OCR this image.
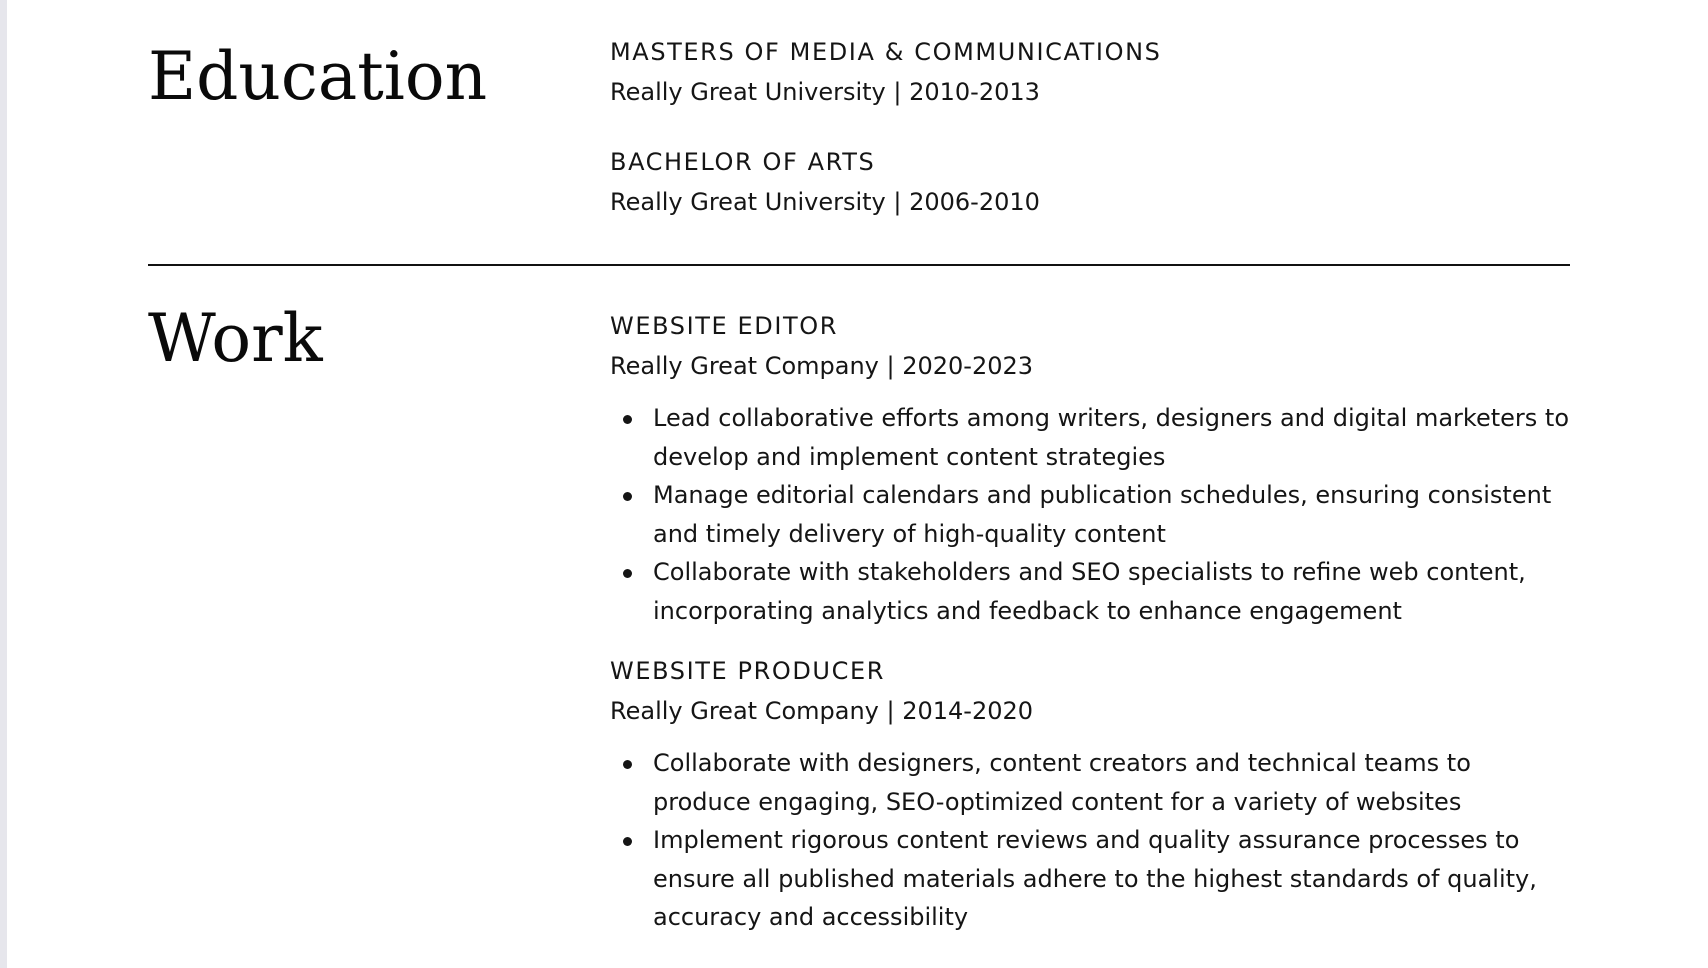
Education	MASTERS OF MEDIA & COMMUNICATIONS
Really Great University | 2010-2013
BACHELOR OF ARTS
Really Great University | 2006-2010
Work	WEBSITE EDITOR
Really Great Company | 2020-2023
Lead collaborative efforts among writers, designers and digital marketers to develop and implement content strategies
Manage editorial calendars and publication schedules, ensuring consistent and timely delivery of high-quality content
Collaborate with stakeholders and SEO specialists to refine web content, incorporating analytics and feedback to enhance engagement
WEBSITE PRODUCER
Really Great Company | 2014-2020
Collaborate with designers, content creators and technical teams to produce engaging, SEO-optimized content for a variety of websites
Implement rigorous content reviews and quality assurance processes to ensure all published materials adhere to the highest standards of quality, accuracy and accessibility
